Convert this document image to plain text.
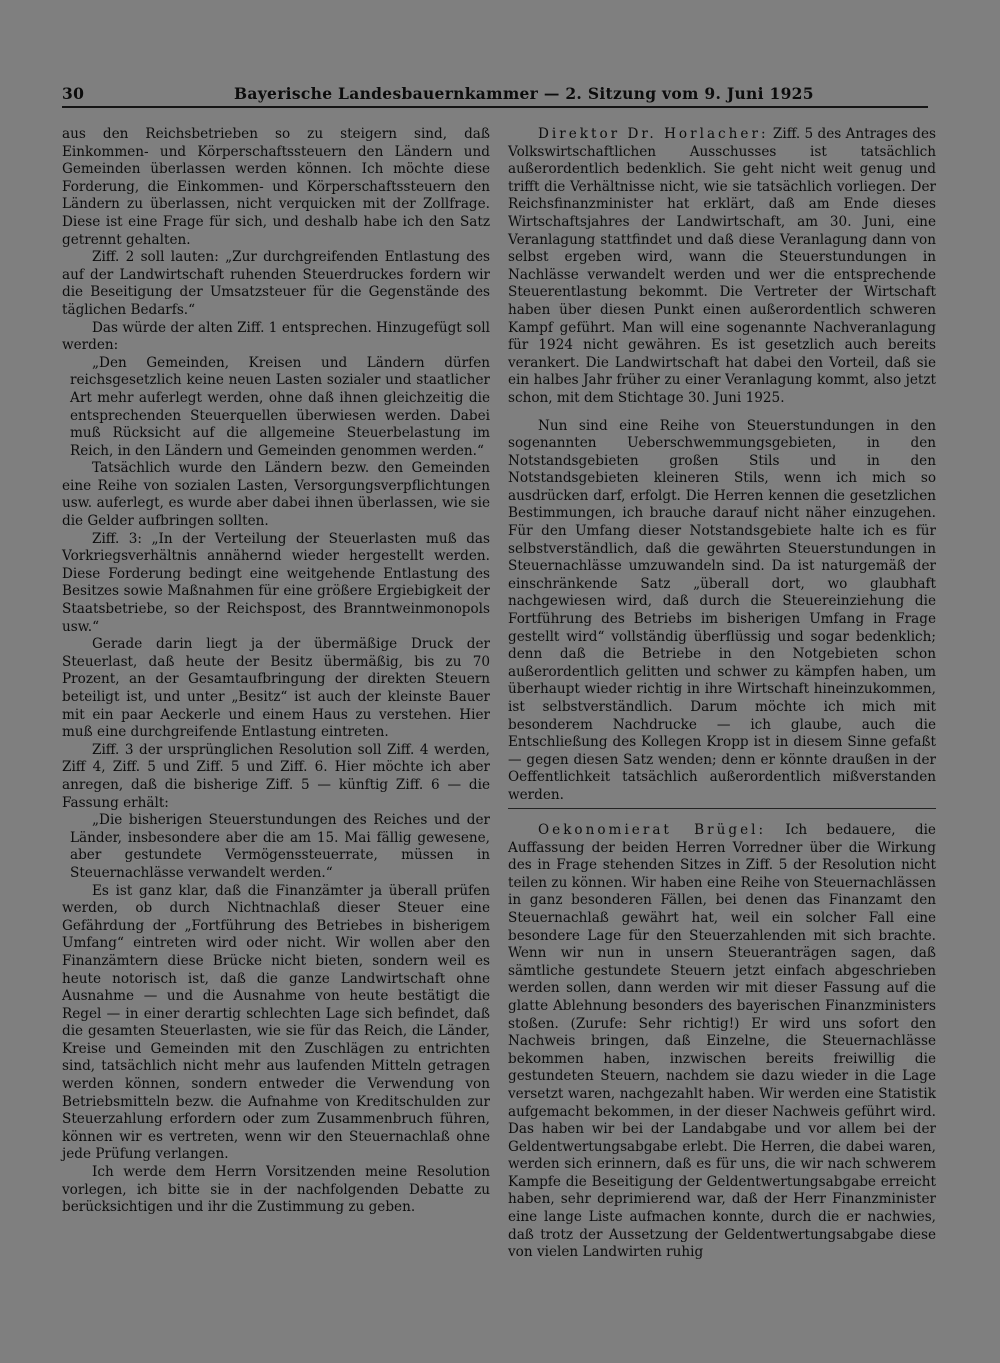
30	Bayerische Landesbauernkammer — 2. Sitzung vom 9. Juni 1925

aus den Reichsbetrieben so zu steigern sind, daß Einkommen- und Körperschaftssteuern den Ländern und Gemeinden überlassen werden können. Ich möchte diese Forderung, die Einkommen- und Körperschaftssteuern den Ländern zu überlassen, nicht verquicken mit der Zollfrage. Diese ist eine Frage für sich, und deshalb habe ich den Satz getrennt gehalten.

Ziff. 2 soll lauten: „Zur durchgreifenden Entlastung des auf der Landwirtschaft ruhenden Steuerdruckes fordern wir die Beseitigung der Umsatzsteuer für die Gegenstände des täglichen Bedarfs.“

Das würde der alten Ziff. 1 entsprechen. Hinzugefügt soll werden:

„Den Gemeinden, Kreisen und Ländern dürfen reichsgesetzlich keine neuen Lasten sozialer und staatlicher Art mehr auferlegt werden, ohne daß ihnen gleichzeitig die entsprechenden Steuerquellen überwiesen werden. Dabei muß Rücksicht auf die allgemeine Steuerbelastung im Reich, in den Ländern und Gemeinden genommen werden.“

Tatsächlich wurde den Ländern bezw. den Gemeinden eine Reihe von sozialen Lasten, Versorgungsverpflichtungen usw. auferlegt, es wurde aber dabei ihnen überlassen, wie sie die Gelder aufbringen sollten.

Ziff. 3: „In der Verteilung der Steuerlasten muß das Vorkriegsverhältnis annähernd wieder hergestellt werden. Diese Forderung bedingt eine weitgehende Entlastung des Besitzes sowie Maßnahmen für eine größere Ergiebigkeit der Staatsbetriebe, so der Reichspost, des Branntweinmonopols usw.“

Gerade darin liegt ja der übermäßige Druck der Steuerlast, daß heute der Besitz übermäßig, bis zu 70 Prozent, an der Gesamtaufbringung der direkten Steuern beteiligt ist, und unter „Besitz“ ist auch der kleinste Bauer mit ein paar Aeckerle und einem Haus zu verstehen. Hier muß eine durchgreifende Entlastung eintreten.

Ziff. 3 der ursprünglichen Resolution soll Ziff. 4 werden, Ziff 4, Ziff. 5 und Ziff. 5 und Ziff. 6. Hier möchte ich aber anregen, daß die bisherige Ziff. 5 — künftig Ziff. 6 — die Fassung erhält:

„Die bisherigen Steuerstundungen des Reiches und der Länder, insbesondere aber die am 15. Mai fällig gewesene, aber gestundete Vermögenssteuerrate, müssen in Steuernachlässe verwandelt werden.“

Es ist ganz klar, daß die Finanzämter ja überall prüfen werden, ob durch Nichtnachlaß dieser Steuer eine Gefährdung der „Fortführung des Betriebes in bisherigem Umfang“ eintreten wird oder nicht. Wir wollen aber den Finanzämtern diese Brücke nicht bieten, sondern weil es heute notorisch ist, daß die ganze Landwirtschaft ohne Ausnahme — und die Ausnahme von heute bestätigt die Regel — in einer derartig schlechten Lage sich befindet, daß die gesamten Steuerlasten, wie sie für das Reich, die Länder, Kreise und Gemeinden mit den Zuschlägen zu entrichten sind, tatsächlich nicht mehr aus laufenden Mitteln getragen werden können, sondern entweder die Verwendung von Betriebsmitteln bezw. die Aufnahme von Kreditschulden zur Steuerzahlung erfordern oder zum Zusammenbruch führen, können wir es vertreten, wenn wir den Steuernachlaß ohne jede Prüfung verlangen.

Ich werde dem Herrn Vorsitzenden meine Resolution vorlegen, ich bitte sie in der nachfolgenden Debatte zu berücksichtigen und ihr die Zustimmung zu geben.

Direktor Dr. Horlacher: Ziff. 5 des Antrages des Volkswirtschaftlichen Ausschusses ist tatsächlich außerordentlich bedenklich. Sie geht nicht weit genug und trifft die Verhältnisse nicht, wie sie tatsächlich vorliegen. Der Reichsfinanzminister hat erklärt, daß am Ende dieses Wirtschaftsjahres der Landwirtschaft, am 30. Juni, eine Veranlagung stattfindet und daß diese Veranlagung dann von selbst ergeben wird, wann die Steuerstundungen in Nachlässe verwandelt werden und wer die entsprechende Steuerentlastung bekommt. Die Vertreter der Wirtschaft haben über diesen Punkt einen außerordentlich schweren Kampf geführt. Man will eine sogenannte Nachveranlagung für 1924 nicht gewähren. Es ist gesetzlich auch bereits verankert. Die Landwirtschaft hat dabei den Vorteil, daß sie ein halbes Jahr früher zu einer Veranlagung kommt, also jetzt schon, mit dem Stichtage 30. Juni 1925.

Nun sind eine Reihe von Steuerstundungen in den sogenannten Ueberschwemmungsgebieten, in den Notstandsgebieten großen Stils und in den Notstandsgebieten kleineren Stils, wenn ich mich so ausdrücken darf, erfolgt. Die Herren kennen die gesetzlichen Bestimmungen, ich brauche darauf nicht näher einzugehen. Für den Umfang dieser Notstandsgebiete halte ich es für selbstverständlich, daß die gewährten Steuerstundungen in Steuernachlässe umzuwandeln sind. Da ist naturgemäß der einschränkende Satz „überall dort, wo glaubhaft nachgewiesen wird, daß durch die Steuereinziehung die Fortführung des Betriebs im bisherigen Umfang in Frage gestellt wird“ vollständig überflüssig und sogar bedenklich; denn daß die Betriebe in den Notgebieten schon außerordentlich gelitten und schwer zu kämpfen haben, um überhaupt wieder richtig in ihre Wirtschaft hineinzukommen, ist selbstverständlich. Darum möchte ich mich mit besonderem Nachdrucke — ich glaube, auch die Entschließung des Kollegen Kropp ist in diesem Sinne gefaßt — gegen diesen Satz wenden; denn er könnte draußen in der Oeffentlichkeit tatsächlich außerordentlich mißverstanden werden.

Oekonomierat Brügel: Ich bedauere, die Auffassung der beiden Herren Vorredner über die Wirkung des in Frage stehenden Sitzes in Ziff. 5 der Resolution nicht teilen zu können. Wir haben eine Reihe von Steuernachlässen in ganz besonderen Fällen, bei denen das Finanzamt den Steuernachlaß gewährt hat, weil ein solcher Fall eine besondere Lage für den Steuerzahlenden mit sich brachte. Wenn wir nun in unsern Steueranträgen sagen, daß sämtliche gestundete Steuern jetzt einfach abgeschrieben werden sollen, dann werden wir mit dieser Fassung auf die glatte Ablehnung besonders des bayerischen Finanzministers stoßen. (Zurufe: Sehr richtig!) Er wird uns sofort den Nachweis bringen, daß Einzelne, die Steuernachlässe bekommen haben, inzwischen bereits freiwillig die gestundeten Steuern, nachdem sie dazu wieder in die Lage versetzt waren, nachgezahlt haben. Wir werden eine Statistik aufgemacht bekommen, in der dieser Nachweis geführt wird. Das haben wir bei der Landabgabe und vor allem bei der Geldentwertungsabgabe erlebt. Die Herren, die dabei waren, werden sich erinnern, daß es für uns, die wir nach schwerem Kampfe die Beseitigung der Geldentwertungsabgabe erreicht haben, sehr deprimierend war, daß der Herr Finanzminister eine lange Liste aufmachen konnte, durch die er nachwies, daß trotz der Aussetzung der Geldentwertungsabgabe diese von vielen Landwirten ruhig
